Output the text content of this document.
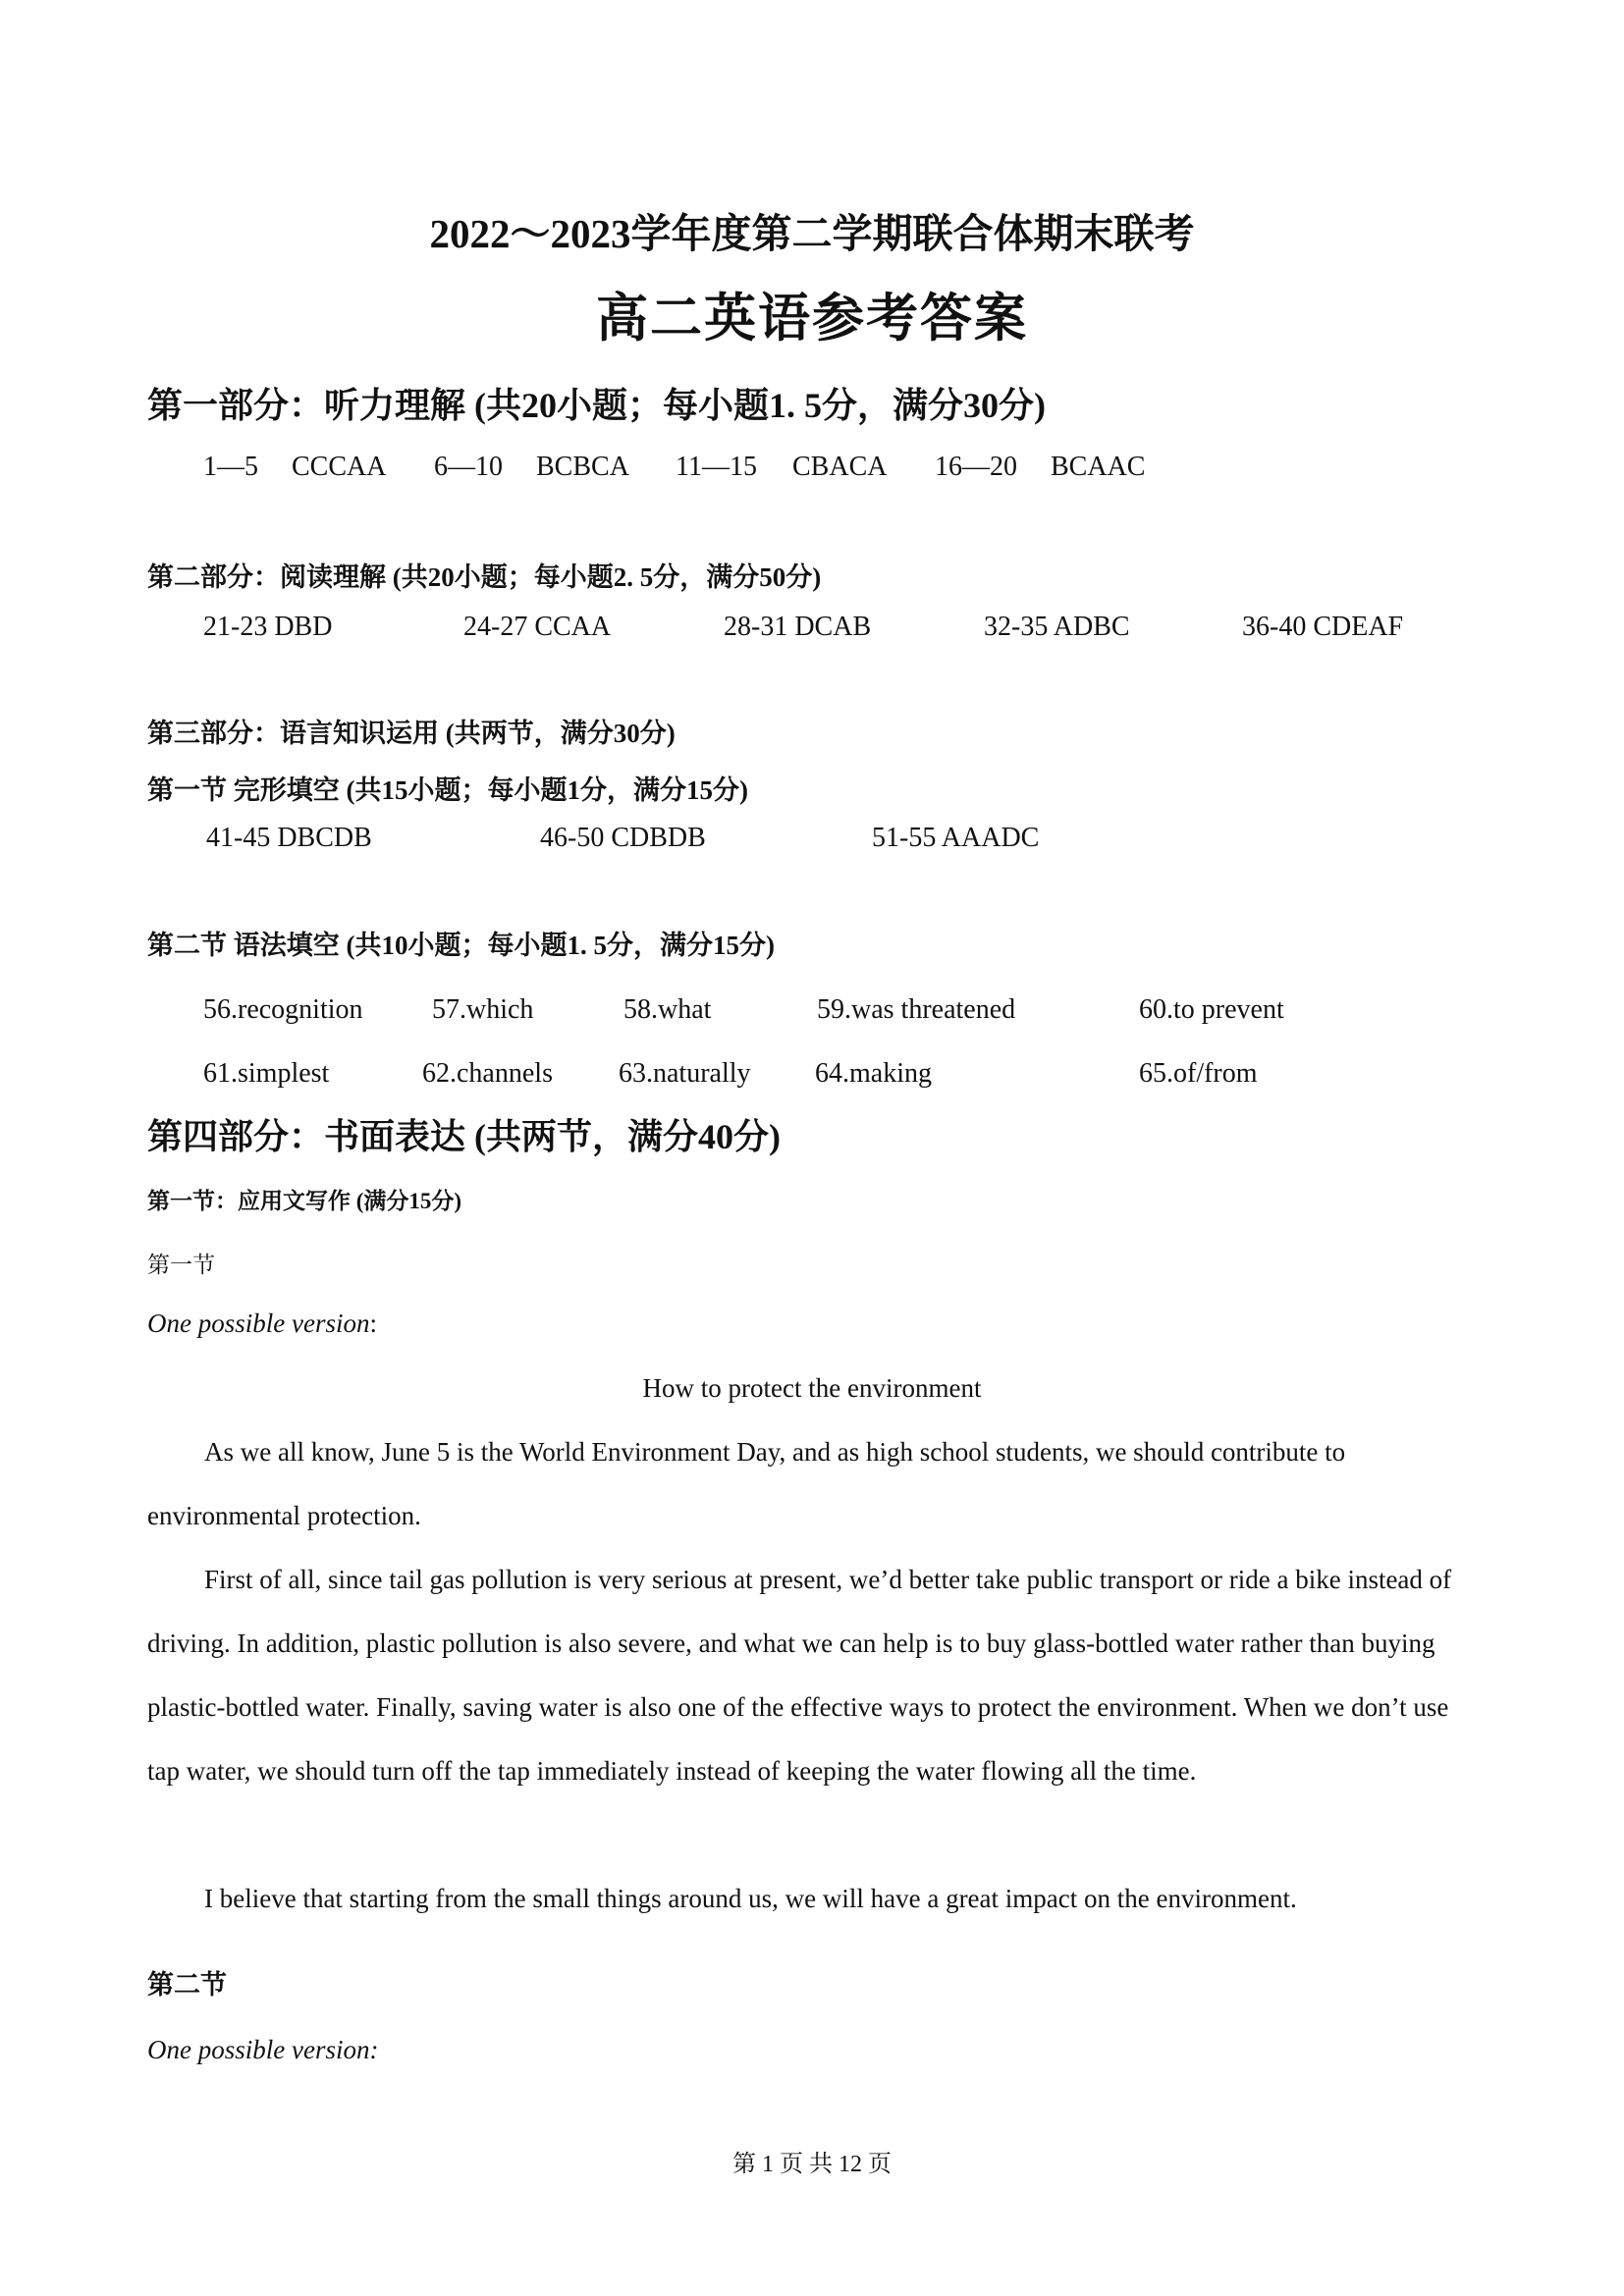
2022～2023学年度第二学期联合体期末联考
高二英语参考答案
第一部分：听力理解 (共20小题；每小题1. 5分，满分30分)
1—5 CCCAA 6—10 BCBCA 11—15 CBACA 16—20 BCAAC
第二部分：阅读理解 (共20小题；每小题2. 5分，满分50分)
21-23 DBD	24-27 CCAA	28-31 DCAB	32-35 ADBC	36-40 CDEAF
第三部分：语言知识运用 (共两节，满分30分)
第一节 完形填空 (共15小题；每小题1分，满分15分)
41-45 DBCDB	46-50 CDBDB	51-55 AAADC
第二节 语法填空 (共10小题；每小题1. 5分，满分15分)
56.recognition	57.which	58.what	59.was threatened	60.to prevent
61.simplest	62.channels 63.naturally 64.making	65.of/from
第四部分：书面表达 (共两节，满分40分)
第一节：应用文写作 (满分15分)
第一节
One possible version:
How to protect the environment
As we all know, June 5 is the World Environment Day, and as high school students, we should contribute to environmental protection.
First of all, since tail gas pollution is very serious at present, we’d better take public transport or ride a bike instead of driving. In addition, plastic pollution is also severe, and what we can help is to buy glass-bottled water rather than buying plastic-bottled water. Finally, saving water is also one of the effective ways to protect the environment. When we don’t use tap water, we should turn off the tap immediately instead of keeping the water flowing all the time.
I believe that starting from the small things around us, we will have a great impact on the environment.
第二节
One possible version:
第 1 页 共 12 页
